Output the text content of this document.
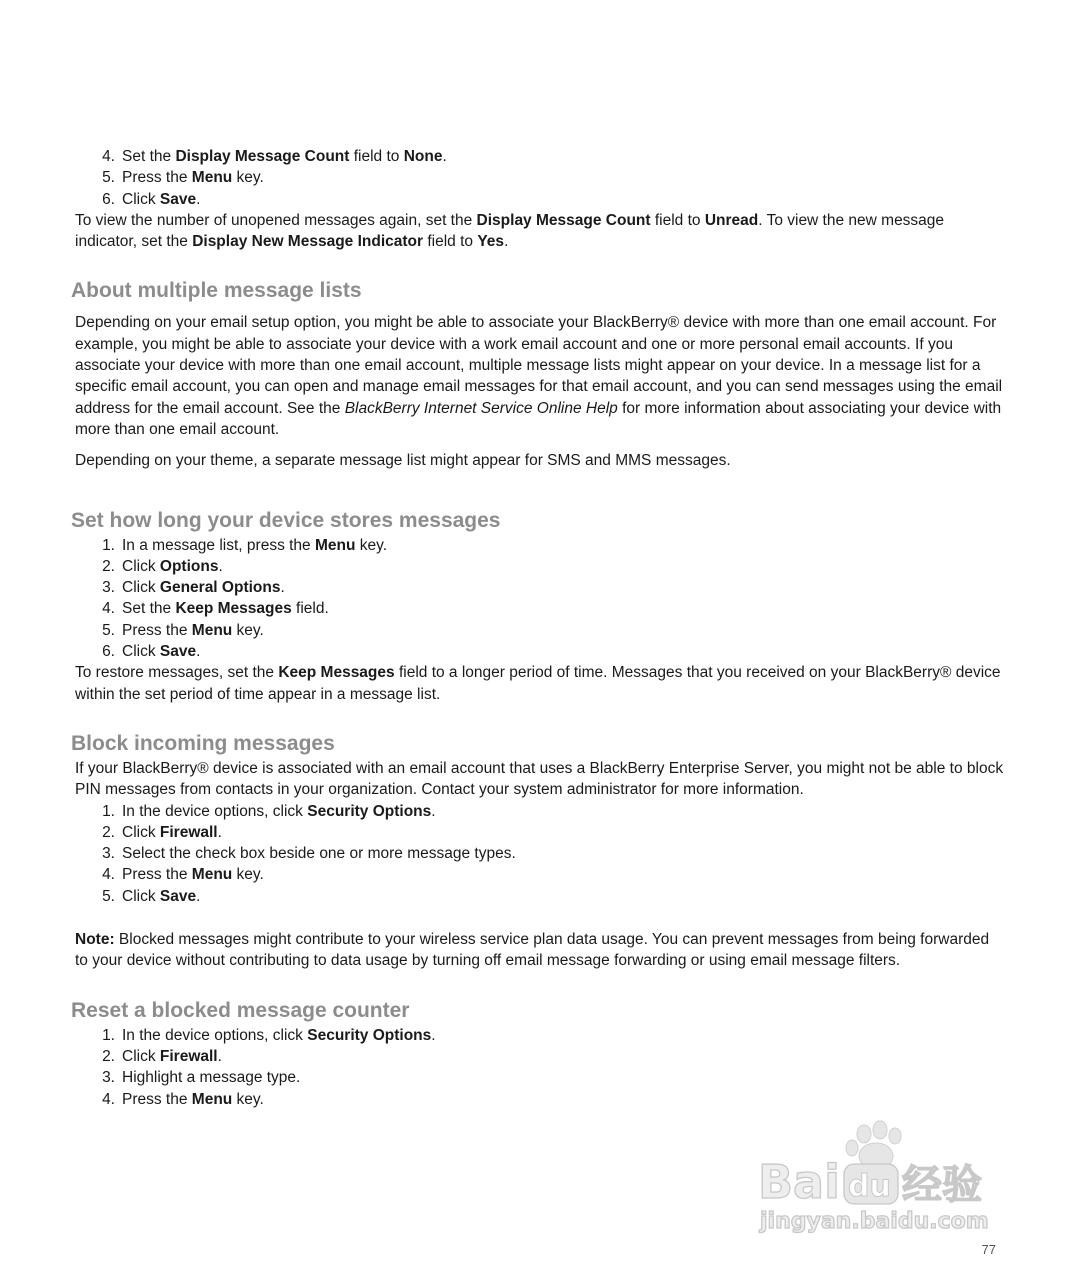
4. Set the Display Message Count field to None.
5. Press the Menu key.
6. Click Save.

To view the number of unopened messages again, set the Display Message Count field to Unread. To view the new message indicator, set the Display New Message Indicator field to Yes.

About multiple message lists

Depending on your email setup option, you might be able to associate your BlackBerry® device with more than one email account. For example, you might be able to associate your device with a work email account and one or more personal email accounts. If you associate your device with more than one email account, multiple message lists might appear on your device. In a message list for a specific email account, you can open and manage email messages for that email account, and you can send messages using the email address for the email account. See the BlackBerry Internet Service Online Help for more information about associating your device with more than one email account.

Depending on your theme, a separate message list might appear for SMS and MMS messages.

Set how long your device stores messages
1. In a message list, press the Menu key.
2. Click Options.
3. Click General Options.
4. Set the Keep Messages field.
5. Press the Menu key.
6. Click Save.

To restore messages, set the Keep Messages field to a longer period of time. Messages that you received on your BlackBerry® device within the set period of time appear in a message list.

Block incoming messages

If your BlackBerry® device is associated with an email account that uses a BlackBerry Enterprise Server, you might not be able to block PIN messages from contacts in your organization. Contact your system administrator for more information.

1. In the device options, click Security Options.
2. Click Firewall.
3. Select the check box beside one or more message types.
4. Press the Menu key.
5. Click Save.

Note: Blocked messages might contribute to your wireless service plan data usage. You can prevent messages from being forwarded to your device without contributing to data usage by turning off email message forwarding or using email message filters.

Reset a blocked message counter
1. In the device options, click Security Options.
2. Click Firewall.
3. Highlight a message type.
4. Press the Menu key.
Bai 经验
jingyan.baidu.com
du
77
